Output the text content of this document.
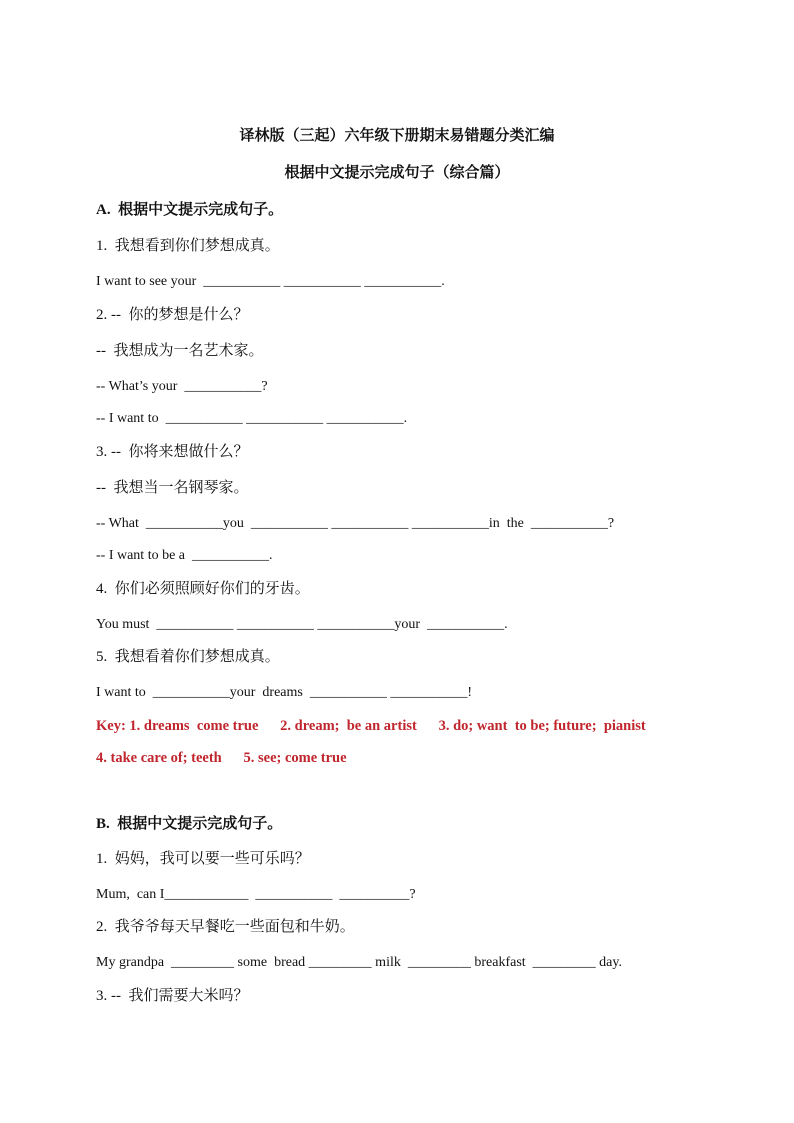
译林版（三起）六年级下册期末易错题分类汇编
根据中文提示完成句子（综合篇）
A.  根据中文提示完成句子。
1.  我想看到你们梦想成真。
I want to see your  ___________ ___________ ___________.
2. --  你的梦想是什么？
--  我想成为一名艺术家。
-- What’s your  ___________?
-- I want to  ___________ ___________ ___________.
3. --  你将来想做什么？
--  我想当一名钢琴家。
-- What  ___________you  ___________ ___________ ___________in  the  ___________?
-- I want to be a  ___________.
4.  你们必须照顾好你们的牙齿。
You must  ___________ ___________ ___________your  ___________.
5.  我想看着你们梦想成真。
I want to  ___________your  dreams  ___________ ___________!
Key: 1. dreams  come true      2. dream;  be an artist      3. do; want  to be; future;  pianist
4. take care of; teeth      5. see; come true
B.  根据中文提示完成句子。
1.  妈妈，我可以要一些可乐吗？
Mum,  can I____________  ___________  __________?
2.  我爷爷每天早餐吃一些面包和牛奶。
My grandpa  _________ some  bread _________ milk  _________ breakfast  _________ day.
3. --  我们需要大米吗？
